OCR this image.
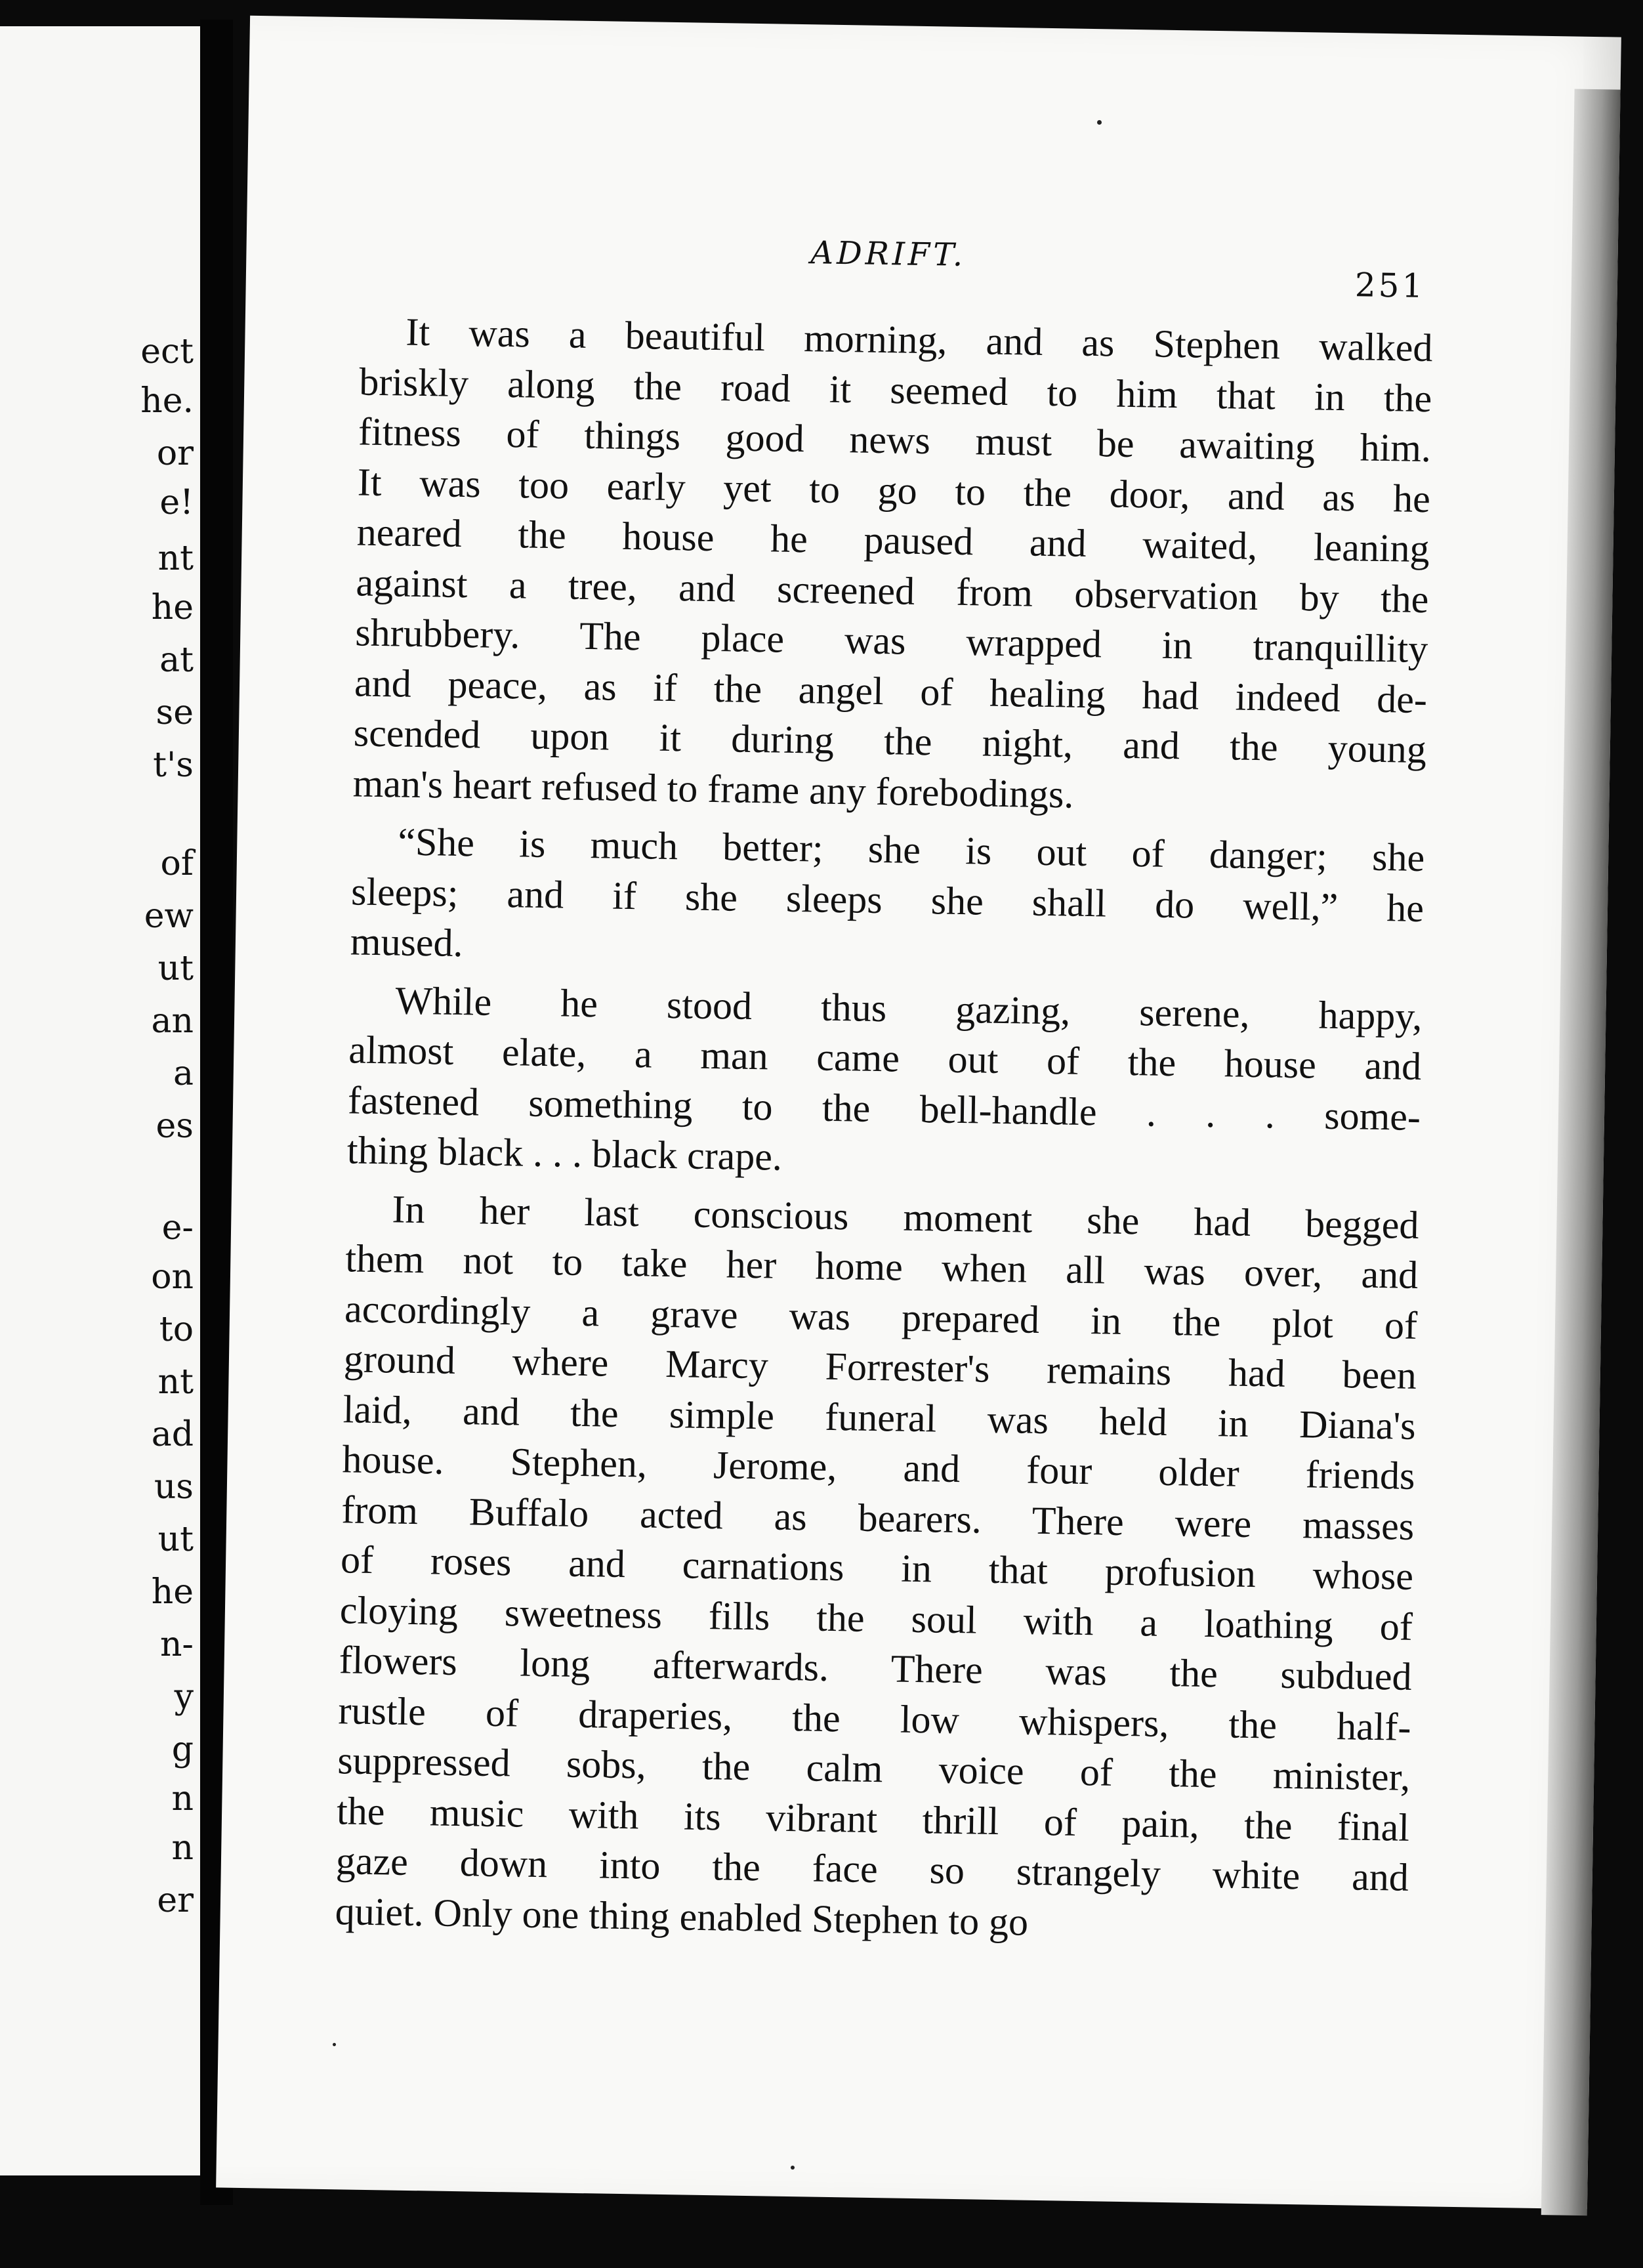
ect
he.
or
e!
nt
he
at
se
t's
of
ew
ut
an
a
es
e-
on
to
nt
ad
us
ut
he
n-
y
g
n
n
er
ADRIFT.
251
It was a beautiful morning, and as Stephen walked
briskly along the road it seemed to him that in the
fitness of things good news must be awaiting him.
It was too early yet to go to the door, and as he
neared the house he paused and waited, leaning
against a tree, and screened from observation by the
shrubbery. The place was wrapped in tranquillity
and peace, as if the angel of healing had indeed de-
scended upon it during the night, and the young
man's heart refused to frame any forebodings.
“She is much better; she is out of danger; she
sleeps; and if she sleeps she shall do well,” he
mused.
While he stood thus gazing, serene, happy,
almost elate, a man came out of the house and
fastened something to the bell-handle . . . some-
thing black . . . black crape.
In her last conscious moment she had begged
them not to take her home when all was over, and
accordingly a grave was prepared in the plot of
ground where Marcy Forrester's remains had been
laid, and the simple funeral was held in Diana's
house. Stephen, Jerome, and four older friends
from Buffalo acted as bearers. There were masses
of roses and carnations in that profusion whose
cloying sweetness fills the soul with a loathing of
flowers long afterwards. There was the subdued
rustle of draperies, the low whispers, the half-
suppressed sobs, the calm voice of the minister,
the music with its vibrant thrill of pain, the final
gaze down into the face so strangely white and
quiet. Only one thing enabled Stephen to go
